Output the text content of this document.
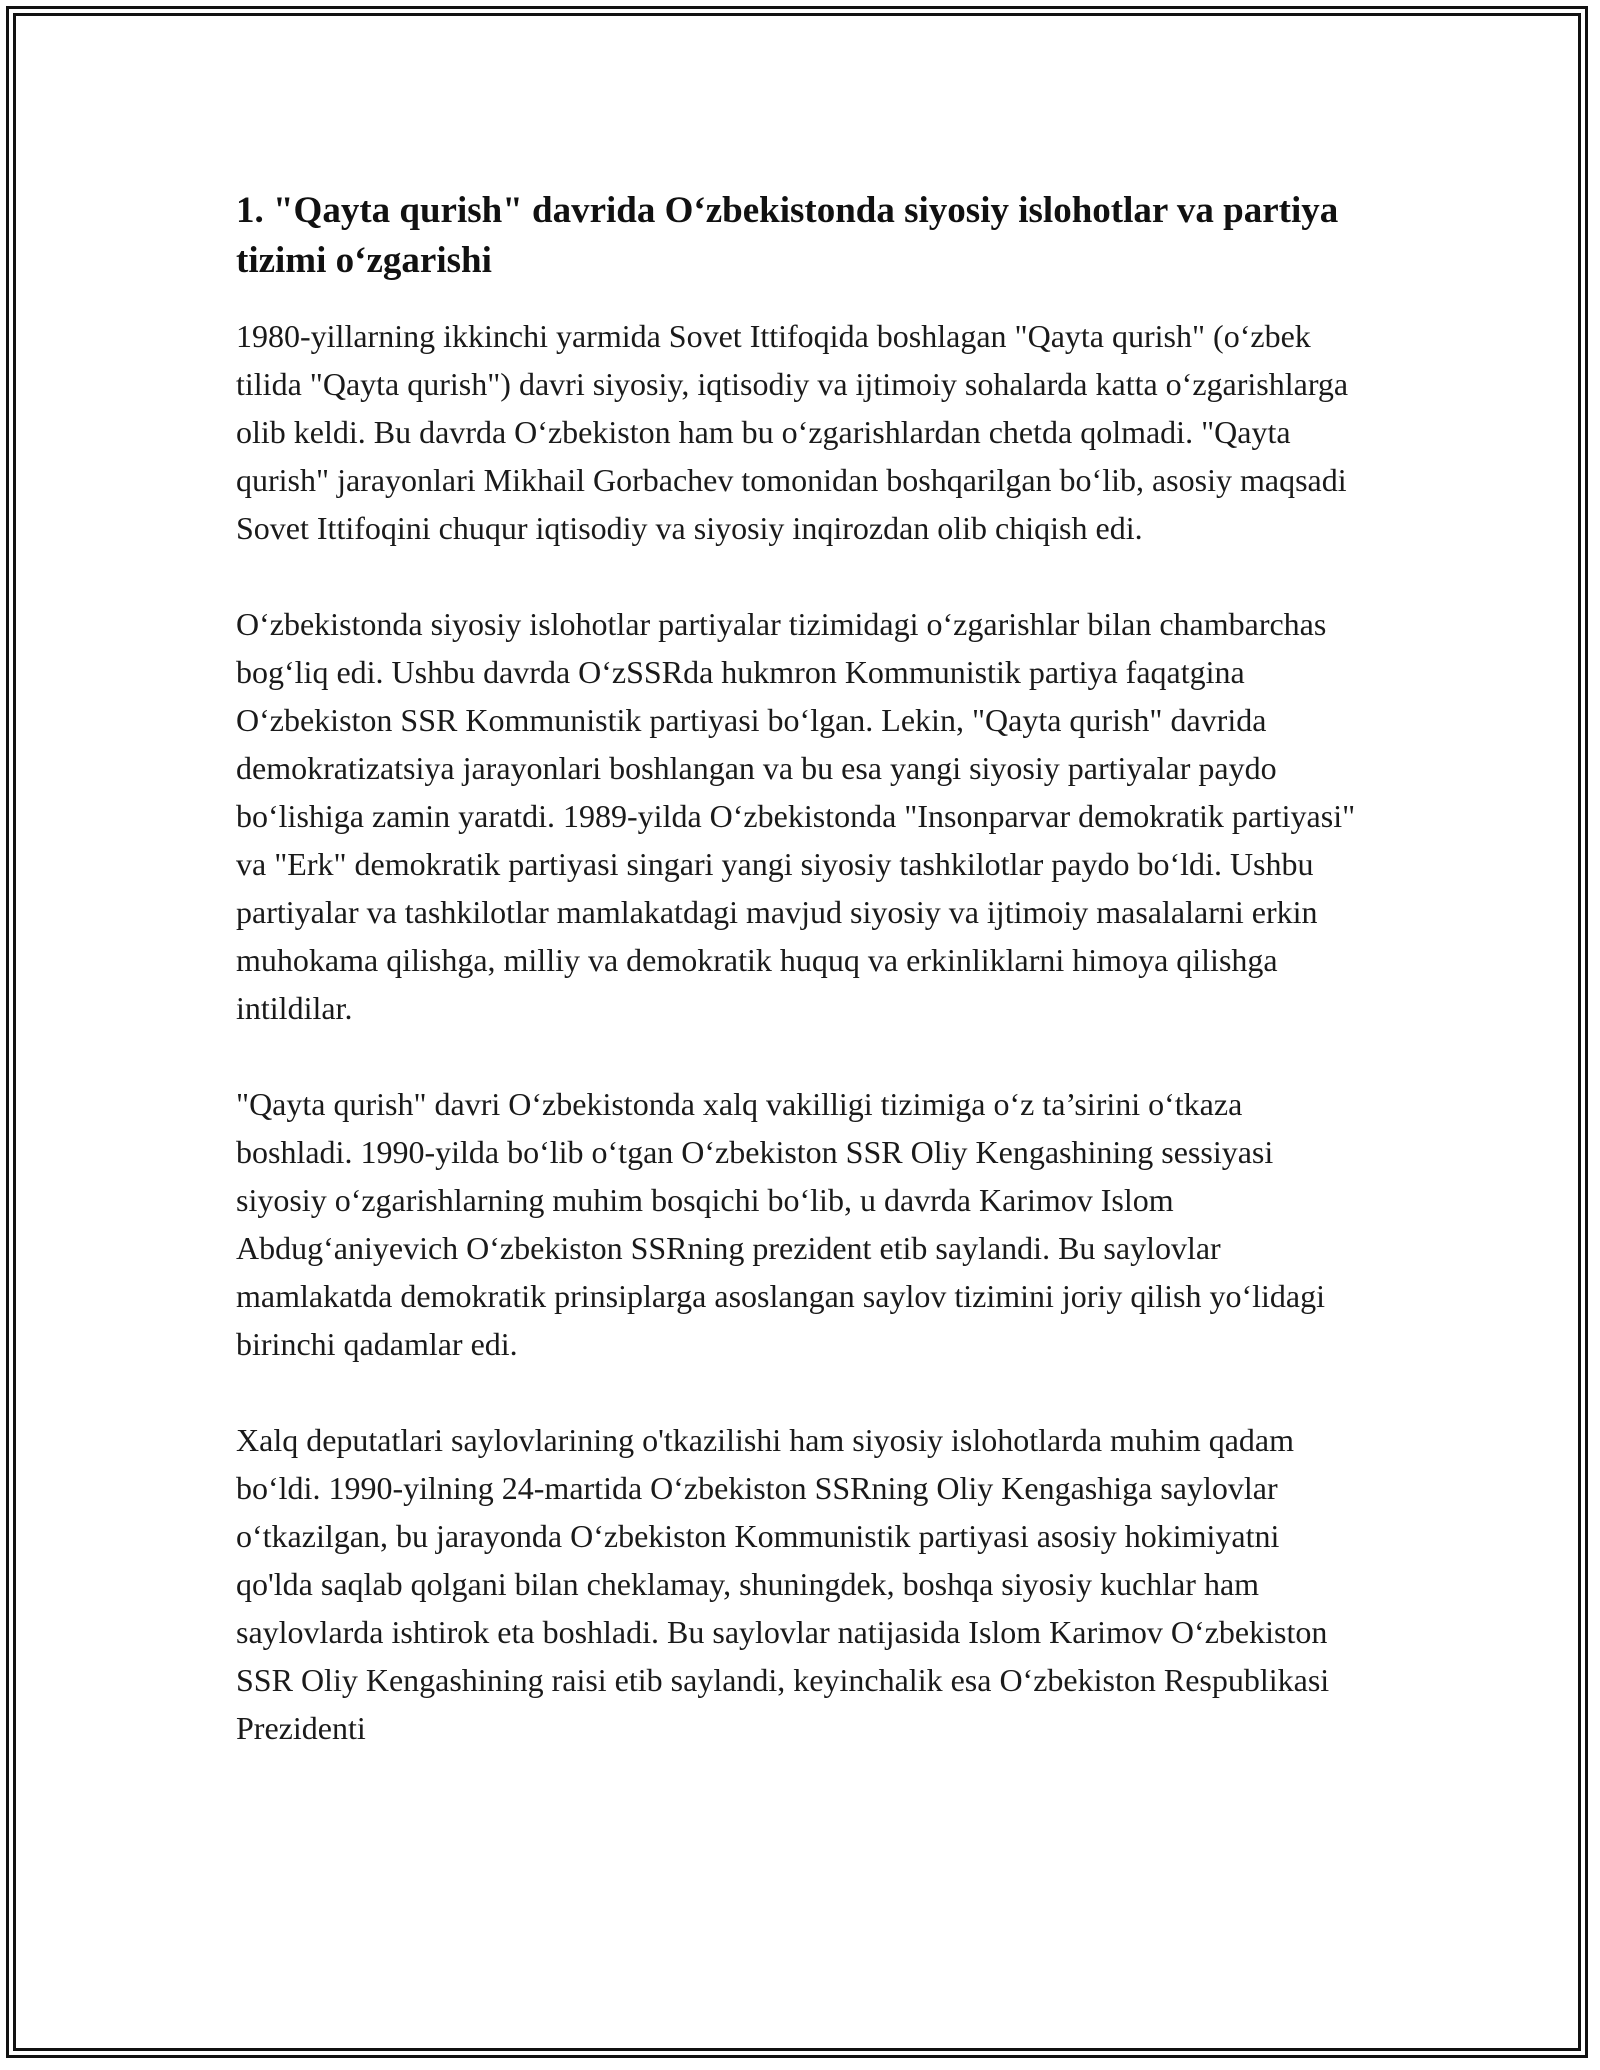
1. "Qayta qurish" davrida O‘zbekistonda siyosiy islohotlar va partiya tizimi o‘zgarishi

1980-yillarning ikkinchi yarmida Sovet Ittifoqida boshlagan "Qayta qurish" (o‘zbek tilida "Qayta qurish") davri siyosiy, iqtisodiy va ijtimoiy sohalarda katta o‘zgarishlarga olib keldi. Bu davrda O‘zbekiston ham bu o‘zgarishlardan chetda qolmadi. "Qayta qurish" jarayonlari Mikhail Gorbachev tomonidan boshqarilgan bo‘lib, asosiy maqsadi Sovet Ittifoqini chuqur iqtisodiy va siyosiy inqirozdan olib chiqish edi.

O‘zbekistonda siyosiy islohotlar partiyalar tizimidagi o‘zgarishlar bilan chambarchas bog‘liq edi. Ushbu davrda O‘zSSRda hukmron Kommunistik partiya faqatgina O‘zbekiston SSR Kommunistik partiyasi bo‘lgan. Lekin, "Qayta qurish" davrida demokratizatsiya jarayonlari boshlangan va bu esa yangi siyosiy partiyalar paydo bo‘lishiga zamin yaratdi. 1989-yilda O‘zbekistonda "Insonparvar demokratik partiyasi" va "Erk" demokratik partiyasi singari yangi siyosiy tashkilotlar paydo bo‘ldi. Ushbu partiyalar va tashkilotlar mamlakatdagi mavjud siyosiy va ijtimoiy masalalarni erkin muhokama qilishga, milliy va demokratik huquq va erkinliklarni himoya qilishga intildilar.

"Qayta qurish" davri O‘zbekistonda xalq vakilligi tizimiga o‘z ta’sirini o‘tkaza boshladi. 1990-yilda bo‘lib o‘tgan O‘zbekiston SSR Oliy Kengashining sessiyasi siyosiy o‘zgarishlarning muhim bosqichi bo‘lib, u davrda Karimov Islom Abdug‘aniyevich O‘zbekiston SSRning prezident etib saylandi. Bu saylovlar mamlakatda demokratik prinsiplarga asoslangan saylov tizimini joriy qilish yo‘lidagi birinchi qadamlar edi.

Xalq deputatlari saylovlarining o'tkazilishi ham siyosiy islohotlarda muhim qadam bo‘ldi. 1990-yilning 24-martida O‘zbekiston SSRning Oliy Kengashiga saylovlar o‘tkazilgan, bu jarayonda O‘zbekiston Kommunistik partiyasi asosiy hokimiyatni qo'lda saqlab qolgani bilan cheklamay, shuningdek, boshqa siyosiy kuchlar ham saylovlarda ishtirok eta boshladi. Bu saylovlar natijasida Islom Karimov O‘zbekiston SSR Oliy Kengashining raisi etib saylandi, keyinchalik esa O‘zbekiston Respublikasi Prezidenti
